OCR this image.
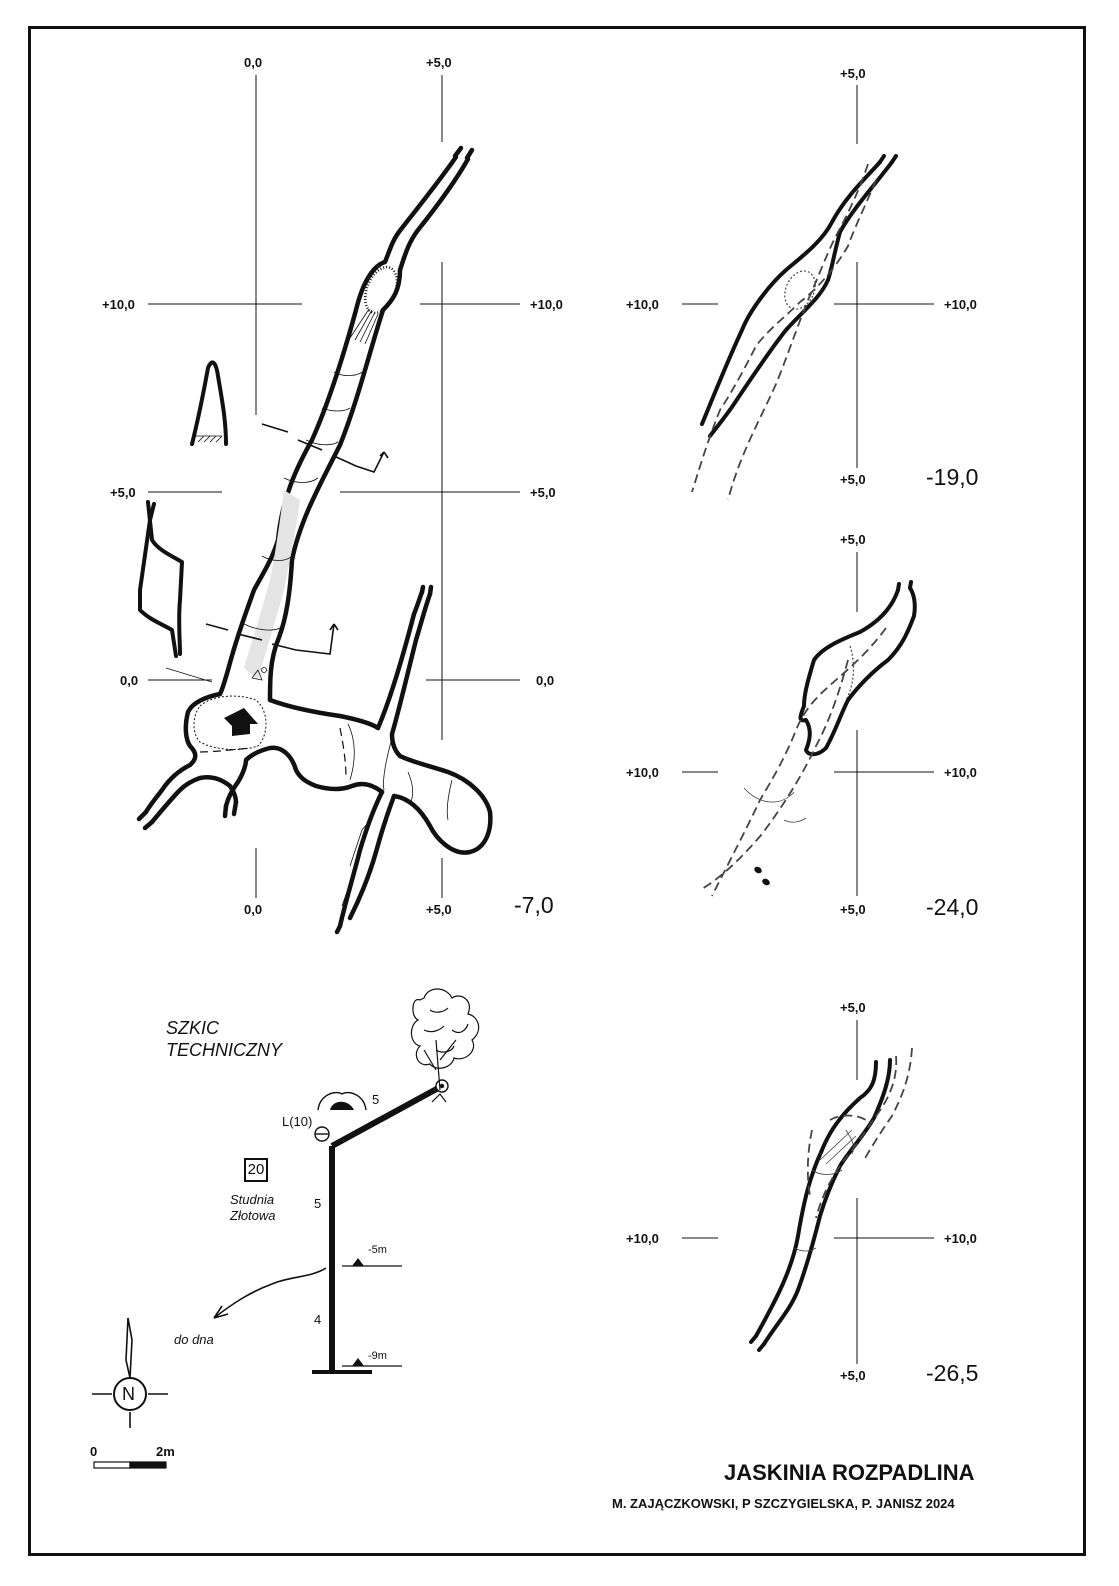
0,0	+5,0
+10,0	+10,0
+5,0	+5,0
0,0	0,0
0,0	+5,0	-7,0
+5,0
+10,0	+10,0
+5,0	-19,0
+5,0
+10,0	+10,0
+5,0	-24,0
+5,0
+10,0	+10,0
+5,0	-26,5
SZKIC
TECHNICZNY
L(10)
5
5
4
-5m
-9m
20
Studnia
Złotowa
do dna
N
0	2m
JASKINIA ROZPADLINA
M. ZAJĄCZKOWSKI, P SZCZYGIELSKA, P. JANISZ 2024
